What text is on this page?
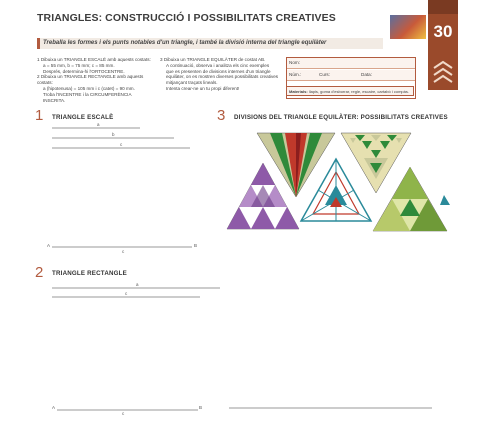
TRIANGLES: CONSTRUCCIÓ I POSSIBILITATS CREATIVES
Treballa les formes i els punts notables d'un triangle, i també la divisió interna del triangle equilàter
30
1 Dibuixa un TRIANGLE ESCALÉ amb aquests costats:
a = 55 mm, b = 75 mm; c = 85 mm.
Després, determina-hi l'ORTOCENTRE.
2 Dibuixa un TRIANGLE RECTANGLE amb aquests costats:
a (hipotenusa) = 105 mm i c (catet) = 90 mm.
Troba l'INCENTRE i la CIRCUMFERÈNCIA INSCRITA.
3 Dibuixa un TRIANGLE EQUILÀTER de costat AB.
A continuació, observa i analitza els cinc exemples
que es presenten de divisions internes d'un triangle
equilàter, on es mostren diverses possibilitats creatives
mitjançant traçats lineals.
Intenta crear-ne un tu propi diferent!
Nom:
Núm.:	Curs:	Data:
Materials: llapis, goma d'esborrar, regle, escaire, cartabó i compàs.
1 TRIANGLE ESCALÈ
2 TRIANGLE RECTANGLE
3 DIVISIONS DEL TRIANGLE EQUILÀTER: POSSIBILITATS CREATIVES
a
b
c
A	B
c
a
c
A	B
c
